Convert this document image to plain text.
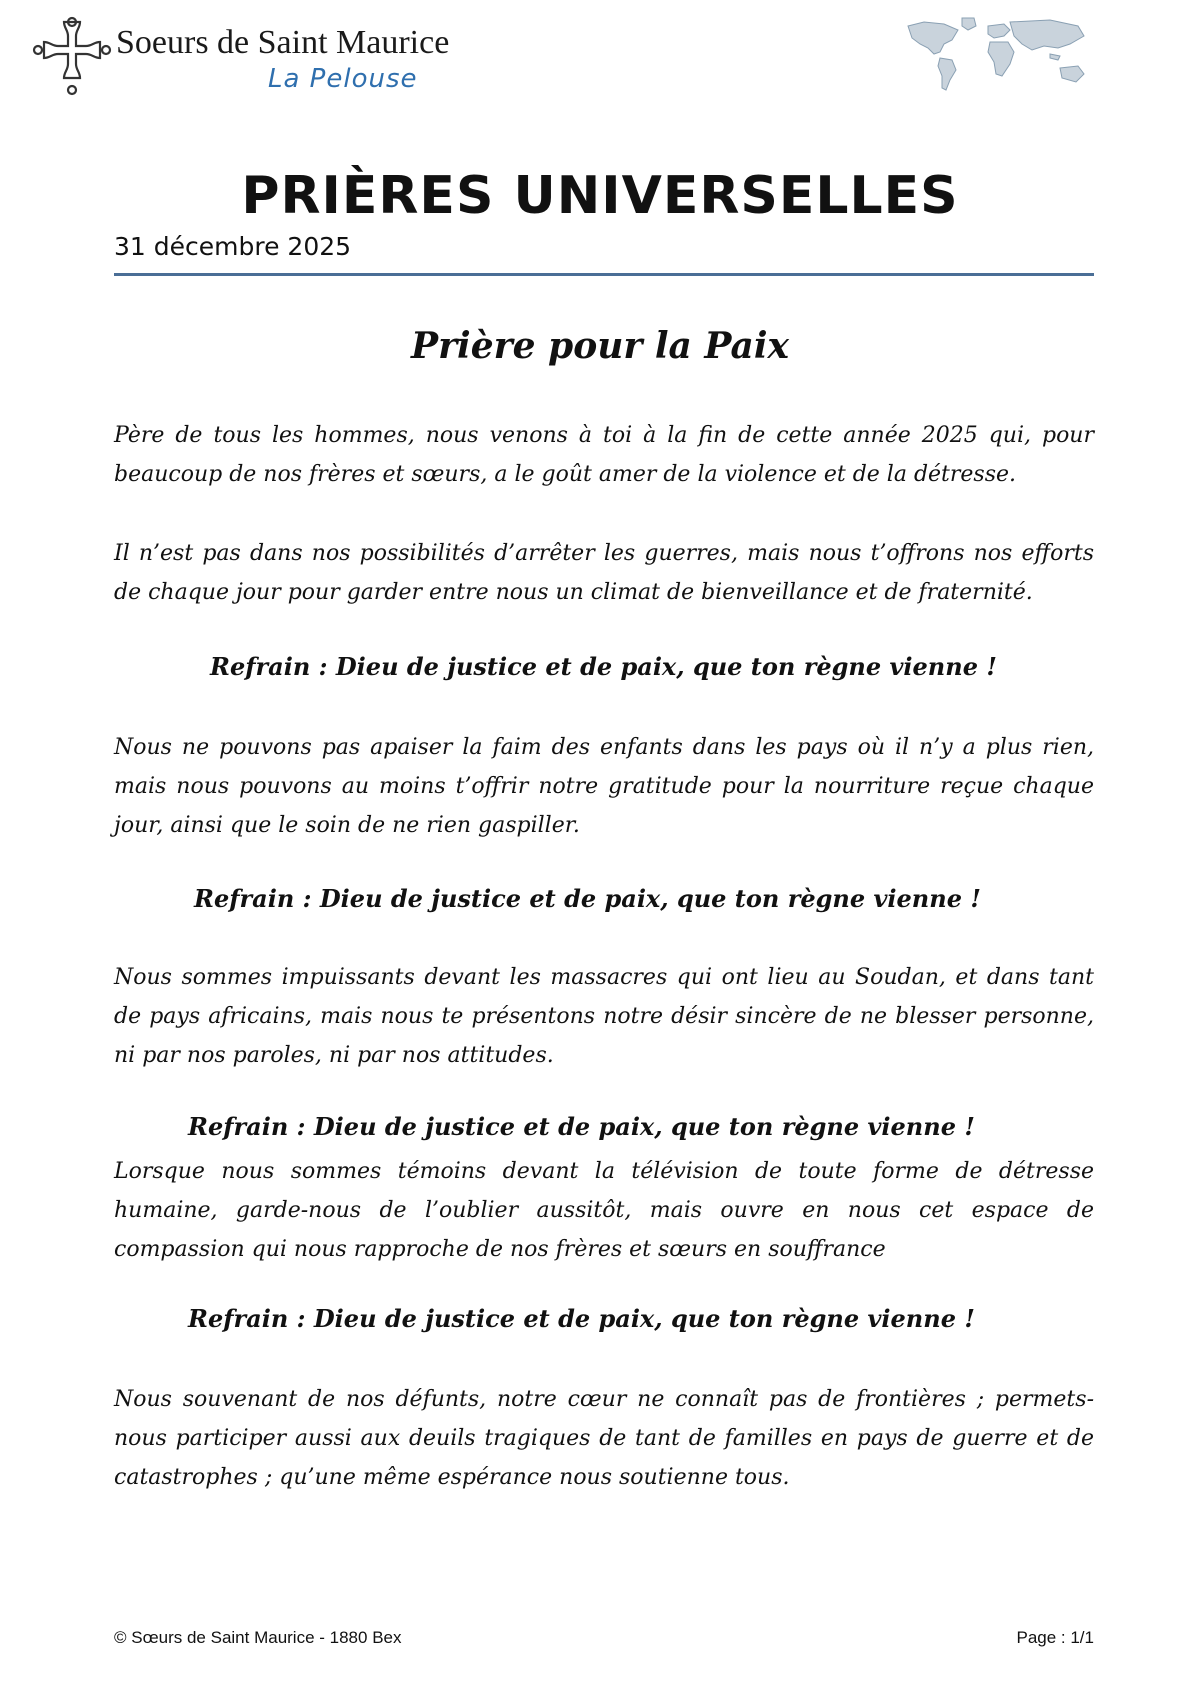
Soeurs de Saint Maurice
La Pelouse
PRIÈRES UNIVERSELLES
31 décembre 2025
Prière pour la Paix

Père de tous les hommes, nous venons à toi à la fin de cette année 2025 qui, pour beaucoup de nos frères et sœurs, a le goût amer de la violence et de la détresse.

Il n’est pas dans nos possibilités d’arrêter les guerres, mais nous t’offrons nos efforts de chaque jour pour garder entre nous un climat de bienveillance et de fraternité.

Refrain : Dieu de justice et de paix, que ton règne vienne !

Nous ne pouvons pas apaiser la faim des enfants dans les pays où il n’y a plus rien, mais nous pouvons au moins t’offrir notre gratitude pour la nourriture reçue chaque jour, ainsi que le soin de ne rien gaspiller.

Refrain : Dieu de justice et de paix, que ton règne vienne !

Nous sommes impuissants devant les massacres qui ont lieu au Soudan, et dans tant de pays africains, mais nous te présentons notre désir sincère de ne blesser personne, ni par nos paroles, ni par nos attitudes.

Refrain : Dieu de justice et de paix, que ton règne vienne !

Lorsque nous sommes témoins devant la télévision de toute forme de détresse humaine, garde-nous de l’oublier aussitôt, mais ouvre en nous cet espace de compassion qui nous rapproche de nos frères et sœurs en souffrance

Refrain : Dieu de justice et de paix, que ton règne vienne !

Nous souvenant de nos défunts, notre cœur ne connaît pas de frontières ; permets-nous participer aussi aux deuils tragiques de tant de familles en pays de guerre et de catastrophes ; qu’une même espérance nous soutienne tous.

© Sœurs de Saint Maurice - 1880 Bex	Page : 1/1
